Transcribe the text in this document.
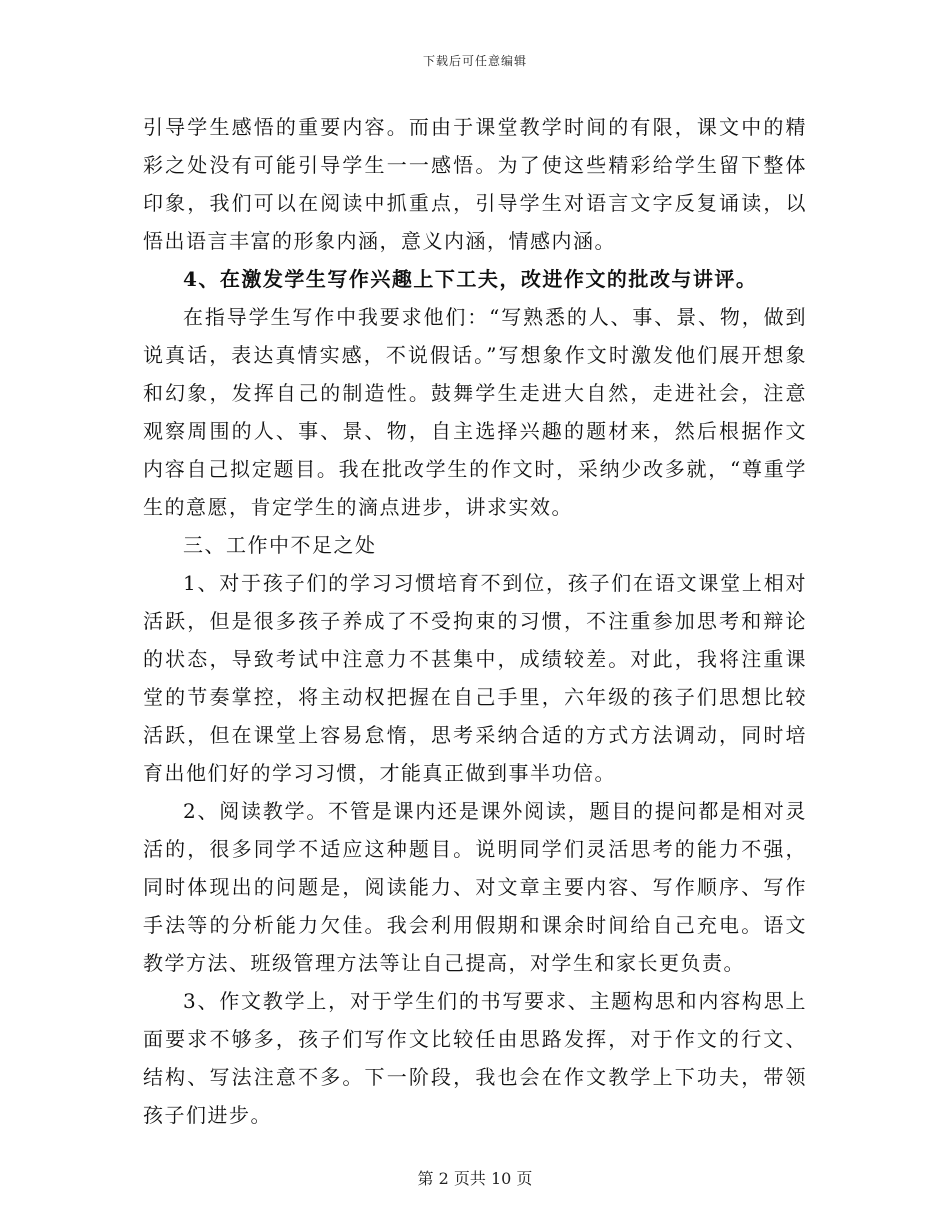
下载后可任意编辑

引导学生感悟的重要内容。而由于课堂教学时间的有限，课文中的精彩之处没有可能引导学生一一感悟。为了使这些精彩给学生留下整体印象，我们可以在阅读中抓重点，引导学生对语言文字反复诵读，以悟出语言丰富的形象内涵，意义内涵，情感内涵。

4、在激发学生写作兴趣上下工夫，改进作文的批改与讲评。

在指导学生写作中我要求他们：“写熟悉的人、事、景、物，做到说真话，表达真情实感，不说假话。”写想象作文时激发他们展开想象和幻象，发挥自己的制造性。鼓舞学生走进大自然，走进社会，注意观察周围的人、事、景、物，自主选择兴趣的题材来，然后根据作文内容自己拟定题目。我在批改学生的作文时，采纳少改多就，“尊重学生的意愿，肯定学生的滴点进步，讲求实效。

三、工作中不足之处

1、对于孩子们的学习习惯培育不到位，孩子们在语文课堂上相对活跃，但是很多孩子养成了不受拘束的习惯，不注重参加思考和辩论的状态，导致考试中注意力不甚集中，成绩较差。对此，我将注重课堂的节奏掌控，将主动权把握在自己手里，六年级的孩子们思想比较活跃，但在课堂上容易怠惰，思考采纳合适的方式方法调动，同时培育出他们好的学习习惯，才能真正做到事半功倍。

2、阅读教学。不管是课内还是课外阅读，题目的提问都是相对灵活的，很多同学不适应这种题目。说明同学们灵活思考的能力不强，同时体现出的问题是，阅读能力、对文章主要内容、写作顺序、写作手法等的分析能力欠佳。我会利用假期和课余时间给自己充电。语文教学方法、班级管理方法等让自己提高，对学生和家长更负责。

3、作文教学上，对于学生们的书写要求、主题构思和内容构思上面要求不够多，孩子们写作文比较任由思路发挥，对于作文的行文、结构、写法注意不多。下一阶段，我也会在作文教学上下功夫，带领孩子们进步。

第 2 页共 10 页
